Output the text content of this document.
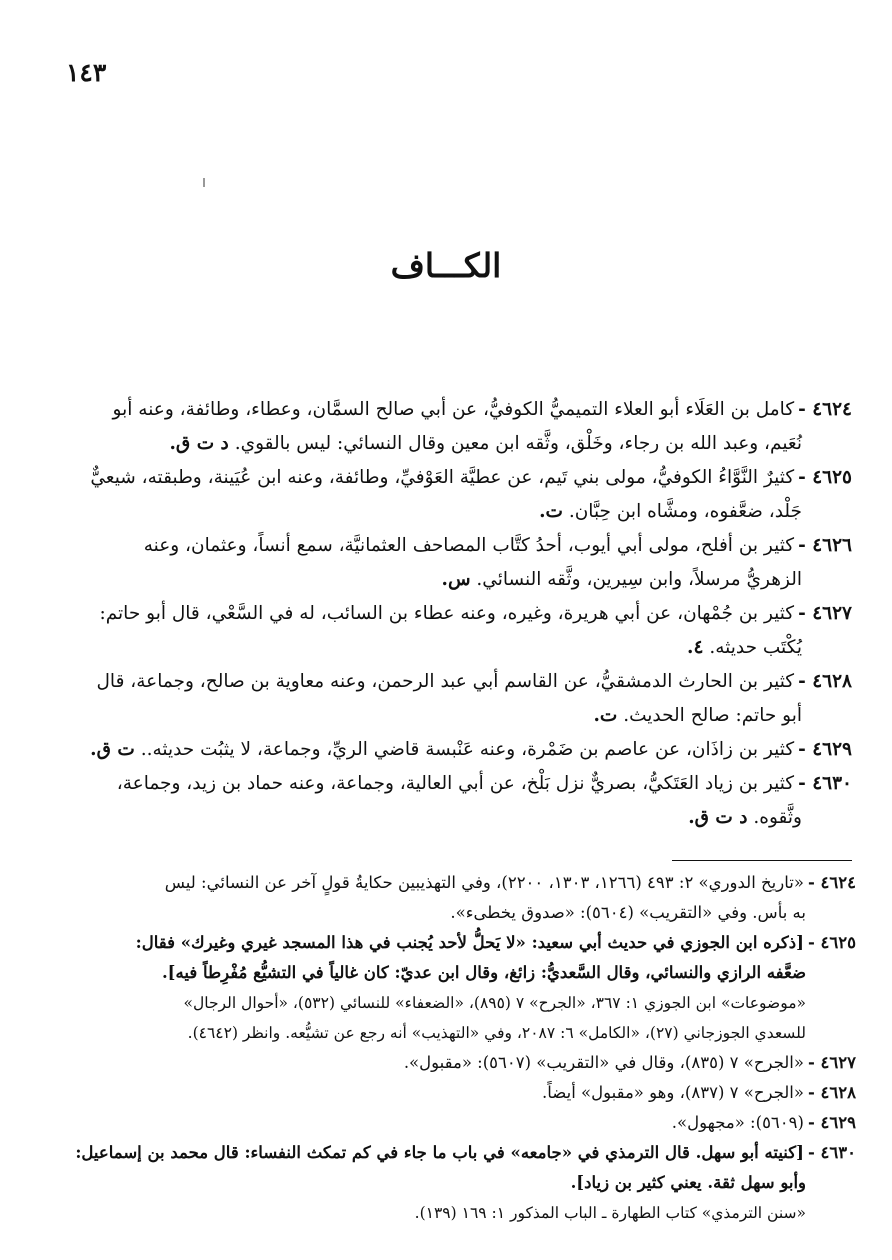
١٤٣
الكـــاف
٤٦٢٤ -كامل بن العَلَاء أبو العلاء التميميُّ الكوفيُّ، عن أبي صالح السمَّان، وعطاء، وطائفة، وعنه أبو
نُعَيم، وعبد الله بن رجاء، وخَلْق، وثَّقه ابن معين وقال النسائي: ليس بالقوي. د ت ق.
٤٦٢٥ -كثيرٌ النَّوَّاءُ الكوفيُّ، مولى بني تَيم، عن عطيَّة العَوْفيِّ، وطائفة، وعنه ابن عُيَينة، وطبقته، شيعيٌّ
جَلْد، ضعَّفوه، ومشَّاه ابن حِبَّان. ت.
٤٦٢٦ -كثير بن أفلح، مولى أبي أيوب، أحدُ كتَّاب المصاحف العثمانيَّة، سمع أنساً، وعثمان، وعنه
الزهريُّ مرسلاً، وابن سِيرين، وثَّقه النسائي. س.
٤٦٢٧ -كثير بن جُمْهان، عن أبي هريرة، وغيره، وعنه عطاء بن السائب، له في السَّعْي، قال أبو حاتم:
يُكْتَب حديثه. ٤.
٤٦٢٨ -كثير بن الحارث الدمشقيُّ، عن القاسم أبي عبد الرحمن، وعنه معاوية بن صالح، وجماعة، قال
أبو حاتم: صالح الحديث. ت.
٤٦٢٩ -كثير بن زاذَان، عن عاصم بن ضَمْرة، وعنه عَنْبسة قاضي الريِّ، وجماعة، لا يثبُت حديثه.. ت ق.
٤٦٣٠ -كثير بن زياد العَتَكيُّ، بصريٌّ نزل بَلْخ، عن أبي العالية، وجماعة، وعنه حماد بن زيد، وجماعة،
وثَّقوه. د ت ق.
٤٦٢٤ -«تاريخ الدوري» ٢: ٤٩٣ (١٢٦٦، ١٣٠٣، ٢٢٠٠)، وفي التهذيبين حكايةُ قولٍ آخر عن النسائي: ليس
به بأس. وفي «التقريب» (٥٦٠٤): «صدوق يخطىء».
٤٦٢٥ -[ذكره ابن الجوزي في حديث أبي سعيد: «لا يَحلُّ لأحد يُجنب في هذا المسجد غيري وغيرك» فقال:
ضعَّفه الرازي والنسائي، وقال السَّعديُّ: زائغ، وقال ابن عديّ: كان غالياً في التشيُّع مُفْرِطاً فيه].
«موضوعات» ابن الجوزي ١: ٣٦٧، «الجرح» ٧ (٨٩٥)، «الضعفاء» للنسائي (٥٣٢)، «أحوال الرجال»
للسعدي الجوزجاني (٢٧)، «الكامل» ٦: ٢٠٨٧، وفي «التهذيب» أنه رجع عن تشيُّعه. وانظر (٤٦٤٢).
٤٦٢٧ -«الجرح» ٧ (٨٣٥)، وقال في «التقريب» (٥٦٠٧): «مقبول».
٤٦٢٨ -«الجرح» ٧ (٨٣٧)، وهو «مقبول» أيضاً.
٤٦٢٩ -(٥٦٠٩): «مجهول».
٤٦٣٠ -[كنيته أبو سهل. قال الترمذي في «جامعه» في باب ما جاء في كم تمكث النفساء: قال محمد بن إسماعيل:
وأبو سهل ثقة. يعني كثير بن زياد].
«سنن الترمذي» كتاب الطهارة ـ الباب المذكور ١: ١٦٩ (١٣٩).
